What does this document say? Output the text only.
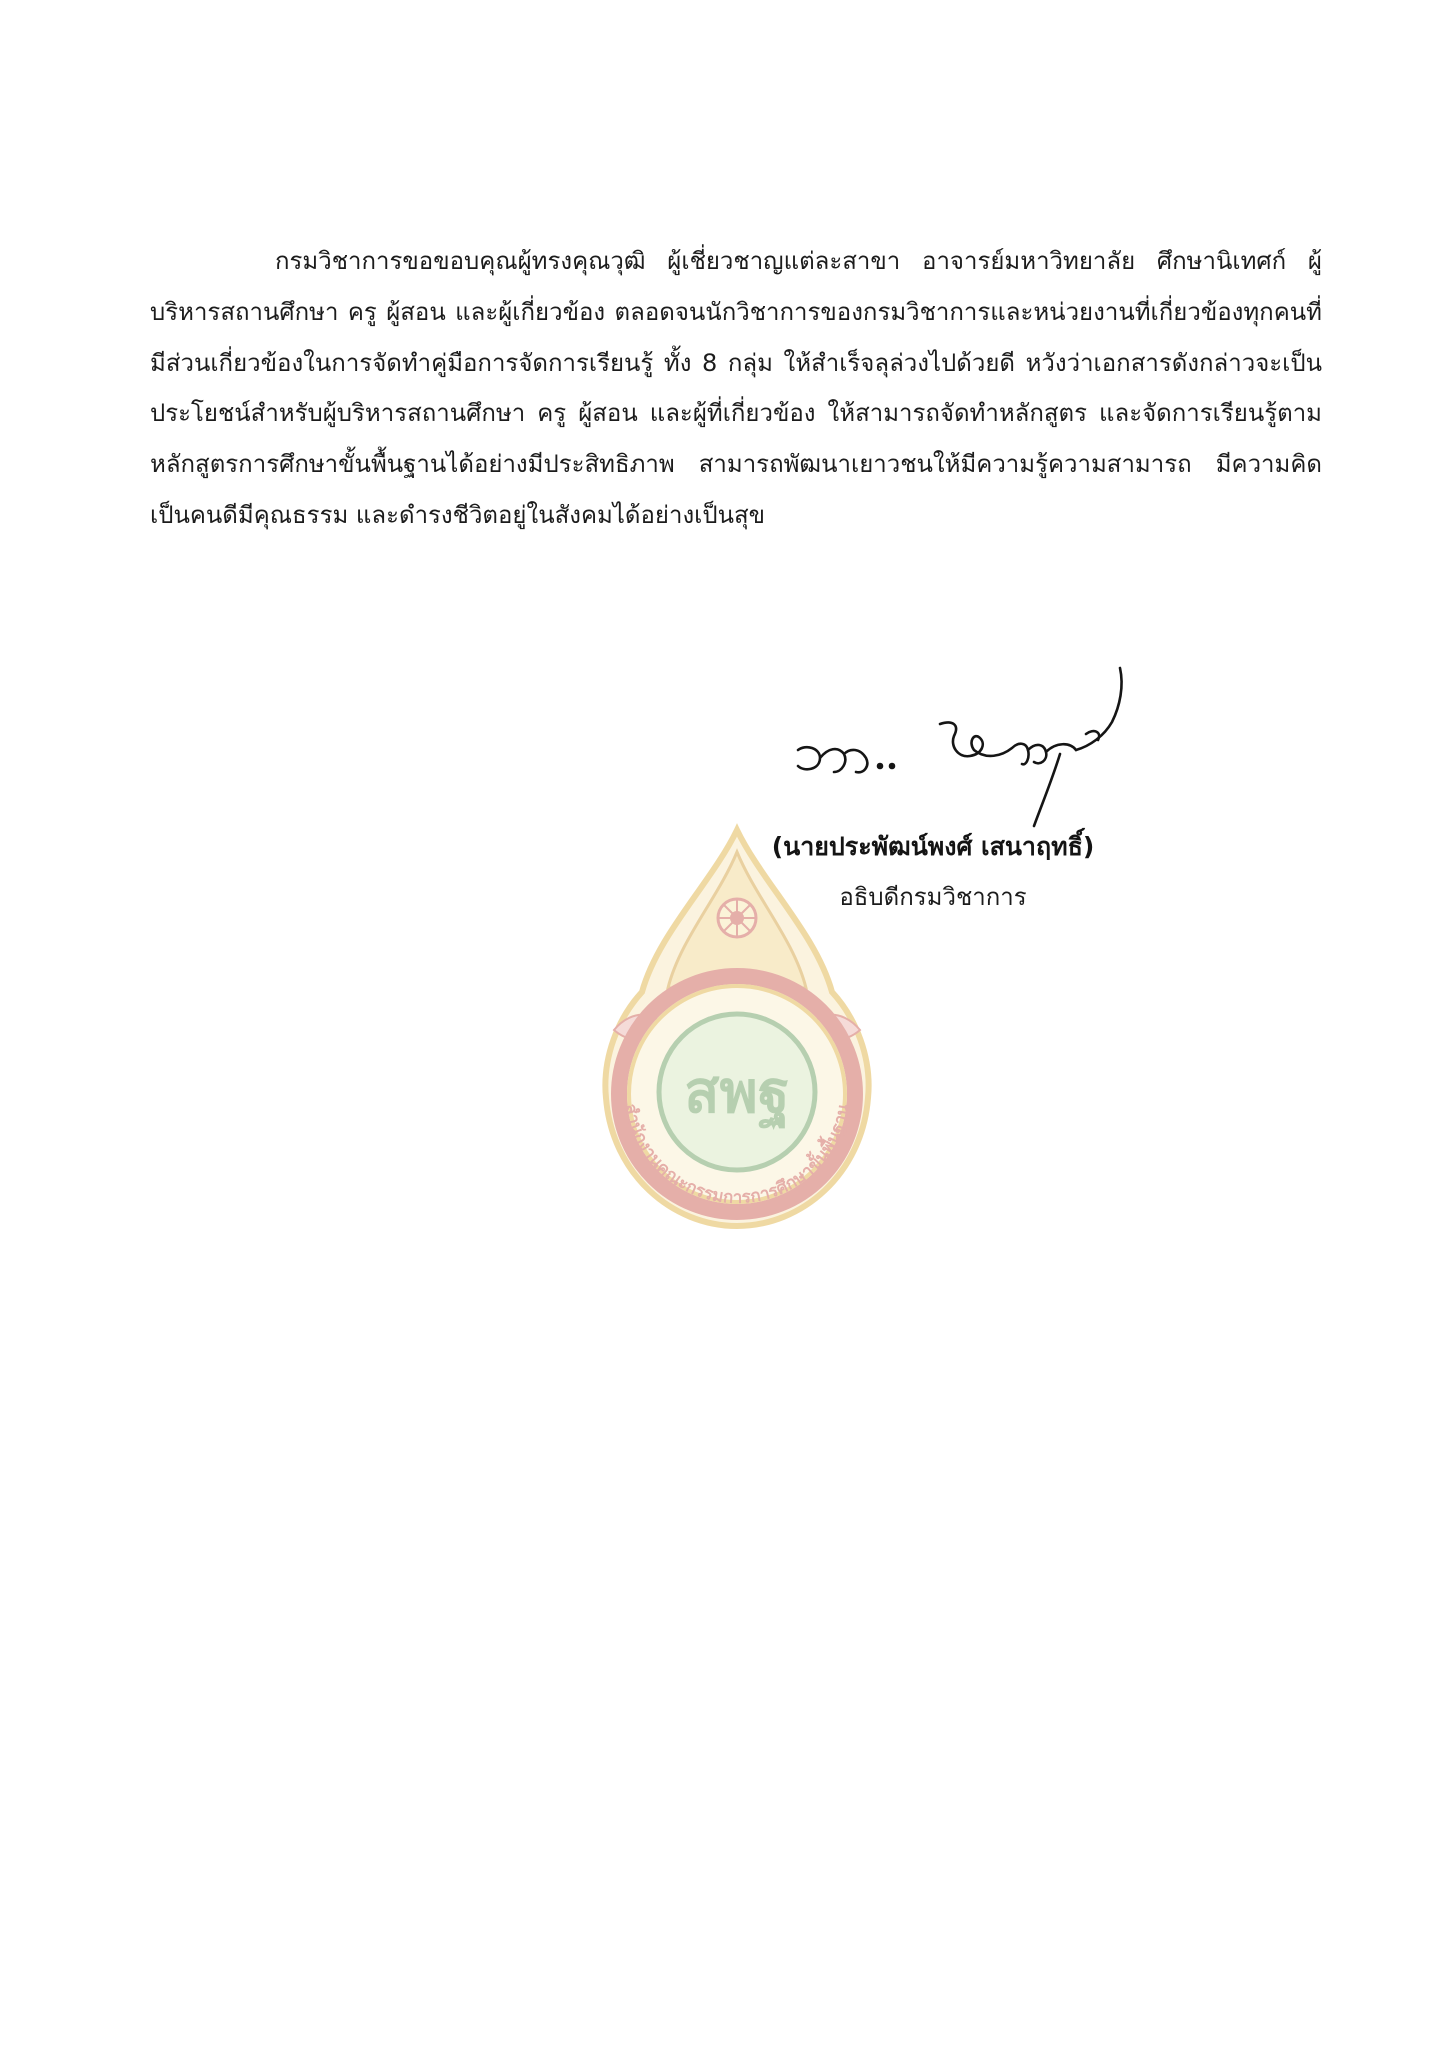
สพฐ
สำนักงานคณะกรรมการการศึกษาขั้นพื้นฐาน

กรมวิชาการขอขอบคุณผู้ทรงคุณวุฒิ ผู้เชี่ยวชาญแต่ละสาขา อาจารย์มหาวิทยาลัย ศึกษานิเทศก์ ผู้บริหารสถานศึกษา ครู ผู้สอน และผู้เกี่ยวข้อง ตลอดจนนักวิชาการของกรมวิชาการและหน่วยงานที่เกี่ยวข้องทุกคนที่มีส่วนเกี่ยวข้องในการจัดทำคู่มือการจัดการเรียนรู้ ทั้ง 8 กลุ่ม ให้สำเร็จลุล่วงไปด้วยดี หวังว่าเอกสารดังกล่าวจะเป็นประโยชน์สำหรับผู้บริหารสถานศึกษา ครู ผู้สอน และผู้ที่เกี่ยวข้อง ให้สามารถจัดทำหลักสูตร และจัดการเรียนรู้ตามหลักสูตรการศึกษาขั้นพื้นฐานได้อย่างมีประสิทธิภาพ สามารถพัฒนาเยาวชนให้มีความรู้ความสามารถ มีความคิด เป็นคนดีมีคุณธรรม และดำรงชีวิตอยู่ในสังคมได้อย่างเป็นสุข

(นายประพัฒน์พงศ์ เสนาฤทธิ์)
อธิบดีกรมวิชาการ
